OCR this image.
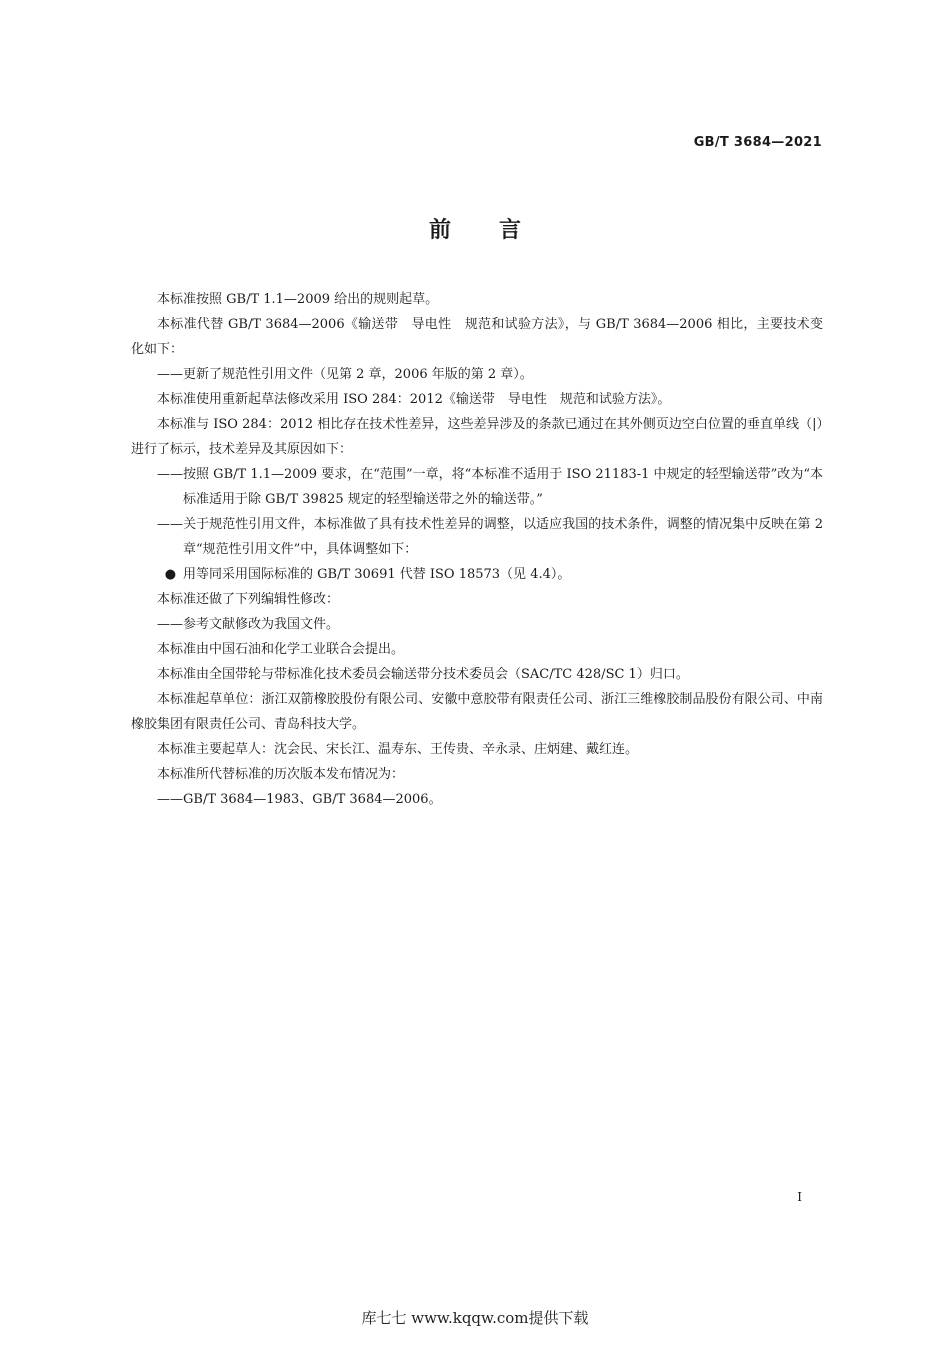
GB/T 3684—2021
前言

本标准按照 GB/T 1.1—2009 给出的规则起草。

本标准代替 GB/T 3684—2006《输送带　导电性　规范和试验方法》，与 GB/T 3684—2006 相比，主要技术变化如下：

—— 更新了规范性引用文件（见第 2 章，2006 年版的第 2 章）。

本标准使用重新起草法修改采用 ISO 284：2012《输送带　导电性　规范和试验方法》。

本标准与 ISO 284：2012 相比存在技术性差异，这些差异涉及的条款已通过在其外侧页边空白位置的垂直单线（|）进行了标示，技术差异及其原因如下：

—— 按照 GB/T 1.1—2009 要求，在“范围”一章，将“本标准不适用于 ISO 21183-1 中规定的轻型输送带”改为“本标准适用于除 GB/T 39825 规定的轻型输送带之外的输送带。”

—— 关于规范性引用文件，本标准做了具有技术性差异的调整，以适应我国的技术条件，调整的情况集中反映在第 2 章“规范性引用文件”中，具体调整如下：

● 用等同采用国际标准的 GB/T 30691 代替 ISO 18573（见 4.4）。

本标准还做了下列编辑性修改：

—— 参考文献修改为我国文件。

本标准由中国石油和化学工业联合会提出。

本标准由全国带轮与带标准化技术委员会输送带分技术委员会（SAC/TC 428/SC 1）归口。

本标准起草单位：浙江双箭橡胶股份有限公司、安徽中意胶带有限责任公司、浙江三维橡胶制品股份有限公司、中南橡胶集团有限责任公司、青岛科技大学。

本标准主要起草人：沈会民、宋长江、温寿东、王传贵、辛永录、庄炳建、戴红连。

本标准所代替标准的历次版本发布情况为：

—— GB/T 3684—1983、GB/T 3684—2006。

I
库七七 www.kqqw.com提供下载
